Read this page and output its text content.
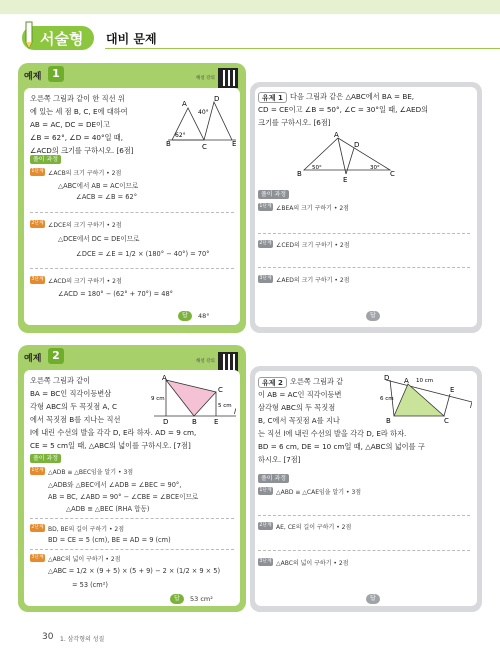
서술형 대비 문제
예제 1	해설 강의
오른쪽 그림과 같이 한 직선 위
에 있는 세 점 B, C, E에 대하여
AB = AC, DC = DE이고
∠B = 62°, ∠D = 40°일 때,
∠ACD의 크기를 구하시오. [6점]
A
D
B	C	E
40°
62°
풀이 과정
1단계 ∠ACB의 크기 구하기 • 2점
△ABC에서 AB = AC이므로
∠ACB = ∠B = 62°
2단계 ∠DCE의 크기 구하기 • 2점
△DCE에서 DC = DE이므로
∠DCE = ∠E = 1/2 × (180° − 40°) = 70°
3단계 ∠ACD의 크기 구하기 • 2점
∠ACD = 180° − (62° + 70°) = 48°
답	48°
유제 1 다음 그림과 같은 △ABC에서 BA = BE,
CD = CE이고 ∠B = 50°, ∠C = 30°일 때, ∠AED의
크기를 구하시오. [6점]
A
D
B	C
E
50°	30°
풀이 과정
1단계 ∠BEA의 크기 구하기 • 2점
2단계 ∠CED의 크기 구하기 • 2점
3단계 ∠AED의 크기 구하기 • 2점
답
예제 2	해설 강의
오른쪽 그림과 같이
BA = BC인 직각이등변삼
각형 ABC의 두 꼭짓점 A, C
에서 꼭짓점 B를 지나는 직선
l에 내린 수선의 발을 각각 D, E라 하자. AD = 9 cm,
CE = 5 cm일 때, △ABC의 넓이를 구하시오. [7점]
A
C
D	B E
l
9 cm
5 cm
풀이 과정
1단계 △ADB ≡ △BEC임을 알기 • 3점
△ADB와 △BEC에서 ∠ADB = ∠BEC = 90°,
AB = BC, ∠ABD = 90° − ∠CBE = ∠BCE이므로
△ADB ≡ △BEC (RHA 합동)
2단계 BD, BE의 길이 구하기 • 2점
BD = CE = 5 (cm), BE = AD = 9 (cm)
3단계 △ABC의 넓이 구하기 • 2점
△ABC = 1/2 × (9 + 5) × (5 + 9) − 2 × (1/2 × 9 × 5)
= 53 (cm²)
답	53 cm²
유제 2 오른쪽 그림과 같
이 AB = AC인 직각이등변
삼각형 ABC의 두 꼭짓점
B, C에서 꼭짓점 A를 지나
는 직선 l에 내린 수선의 발을 각각 D, E라 하자.
BD = 6 cm, DE = 10 cm일 때, △ABC의 넓이를 구
하시오. [7점]
D A
E
B	C
l
10 cm
6 cm
풀이 과정
1단계 △ABD ≡ △CAE임을 알기 • 3점
2단계 AE, CE의 길이 구하기 • 2점
3단계 △ABC의 넓이 구하기 • 2점
답
30 1. 삼각형의 성질
